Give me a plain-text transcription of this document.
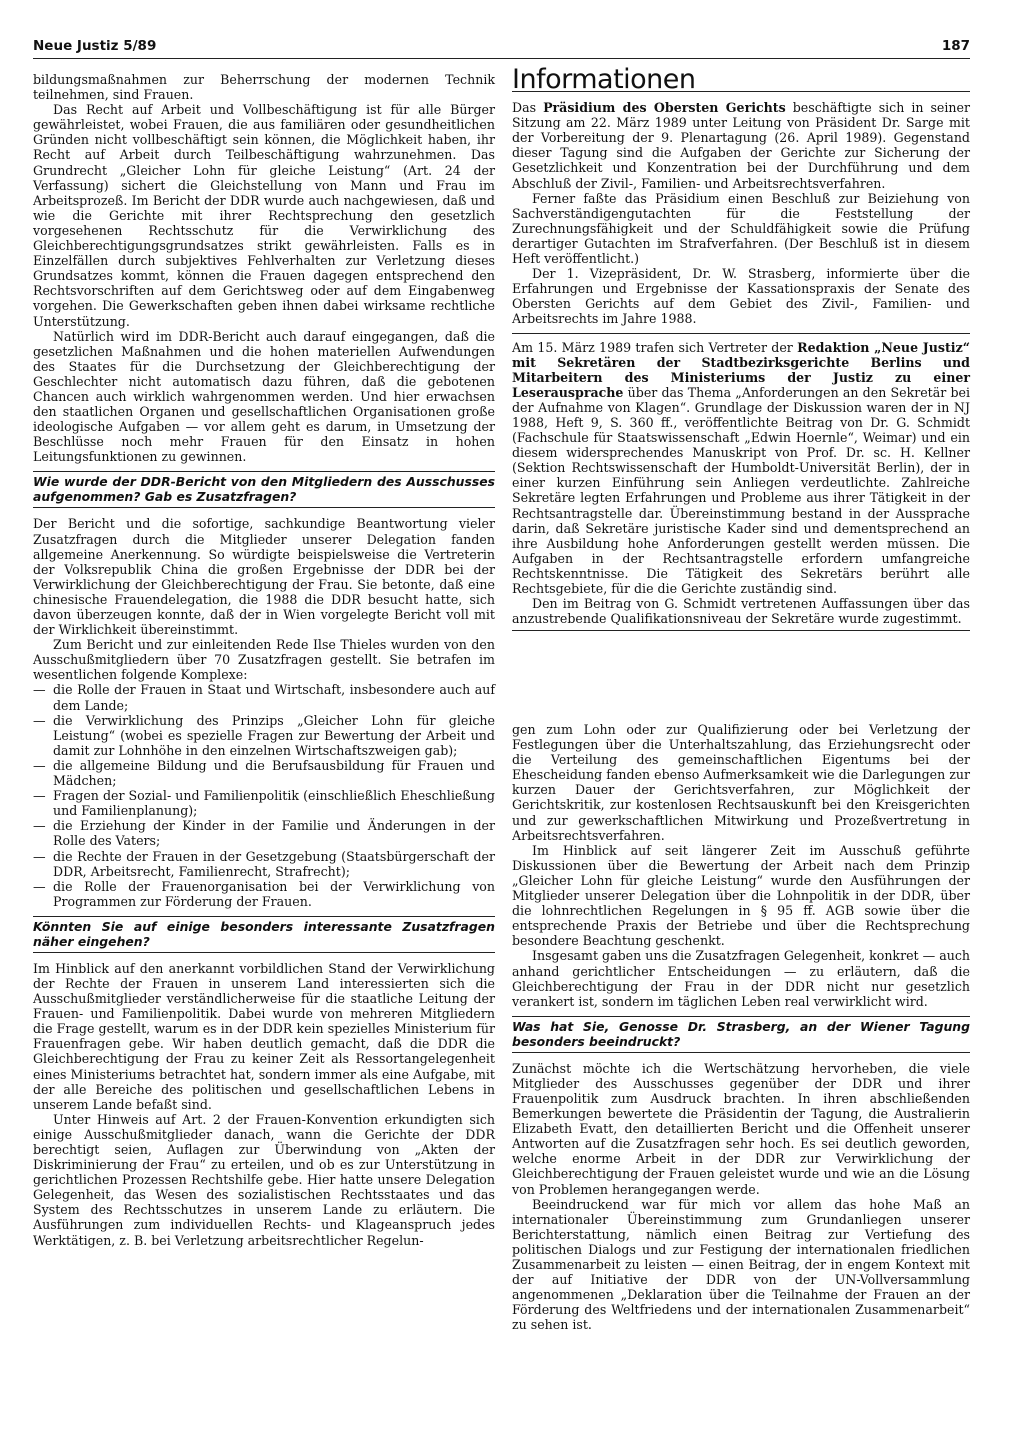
Neue Justiz 5/89	187

bildungsmaßnahmen zur Beherrschung der modernen Technik teilnehmen, sind Frauen.

Das Recht auf Arbeit und Vollbeschäftigung ist für alle Bürger gewährleistet, wobei Frauen, die aus familiären oder gesundheitlichen Gründen nicht vollbeschäftigt sein können, die Möglichkeit haben, ihr Recht auf Arbeit durch Teilbeschäftigung wahrzunehmen. Das Grundrecht „Gleicher Lohn für gleiche Leistung“ (Art. 24 der Verfassung) sichert die Gleichstellung von Mann und Frau im Arbeitsprozeß. Im Bericht der DDR wurde auch nachgewiesen, daß und wie die Gerichte mit ihrer Rechtsprechung den gesetzlich vorgesehenen Rechtsschutz für die Verwirklichung des Gleichberechtigungsgrundsatzes strikt gewährleisten. Falls es in Einzelfällen durch subjektives Fehlverhalten zur Verletzung dieses Grundsatzes kommt, können die Frauen dagegen entsprechend den Rechtsvorschriften auf dem Gerichtsweg oder auf dem Eingabenweg vorgehen. Die Gewerkschaften geben ihnen dabei wirksame rechtliche Unterstützung.

Natürlich wird im DDR-Bericht auch darauf eingegangen, daß die gesetzlichen Maßnahmen und die hohen materiellen Aufwendungen des Staates für die Durchsetzung der Gleichberechtigung der Geschlechter nicht automatisch dazu führen, daß die gebotenen Chancen auch wirklich wahrgenommen werden. Und hier erwachsen den staatlichen Organen und gesellschaftlichen Organisationen große ideologische Aufgaben — vor allem geht es darum, in Umsetzung der Beschlüsse noch mehr Frauen für den Einsatz in hohen Leitungsfunktionen zu gewinnen.

Wie wurde der DDR-Bericht von den Mitgliedern des Ausschusses aufgenommen? Gab es Zusatzfragen?

Der Bericht und die sofortige, sachkundige Beantwortung vieler Zusatzfragen durch die Mitglieder unserer Delegation fanden allgemeine Anerkennung. So würdigte beispielsweise die Vertreterin der Volksrepublik China die großen Ergebnisse der DDR bei der Verwirklichung der Gleichberechtigung der Frau. Sie betonte, daß eine chinesische Frauendelegation, die 1988 die DDR besucht hatte, sich davon überzeugen konnte, daß der in Wien vorgelegte Bericht voll mit der Wirklichkeit übereinstimmt.

Zum Bericht und zur einleitenden Rede Ilse Thieles wurden von den Ausschußmitgliedern über 70 Zusatzfragen gestellt. Sie betrafen im wesentlichen folgende Komplexe:

— die Rolle der Frauen in Staat und Wirtschaft, insbesondere auch auf dem Lande;
— die Verwirklichung des Prinzips „Gleicher Lohn für gleiche Leistung“ (wobei es spezielle Fragen zur Bewertung der Arbeit und damit zur Lohnhöhe in den einzelnen Wirtschaftszweigen gab);
— die allgemeine Bildung und die Berufsausbildung für Frauen und Mädchen;
— Fragen der Sozial- und Familienpolitik (einschließlich Eheschließung und Familienplanung);
— die Erziehung der Kinder in der Familie und Änderungen in der Rolle des Vaters;
— die Rechte der Frauen in der Gesetzgebung (Staatsbürgerschaft der DDR, Arbeitsrecht, Familienrecht, Strafrecht);
— die Rolle der Frauenorganisation bei der Verwirklichung von Programmen zur Förderung der Frauen.
Könnten Sie auf einige besonders interessante Zusatzfragen näher eingehen?

Im Hinblick auf den anerkannt vorbildlichen Stand der Verwirklichung der Rechte der Frauen in unserem Land interessierten sich die Ausschußmitglieder verständlicherweise für die staatliche Leitung der Frauen- und Familienpolitik. Dabei wurde von mehreren Mitgliedern die Frage gestellt, warum es in der DDR kein spezielles Ministerium für Frauenfragen gebe. Wir haben deutlich gemacht, daß die DDR die Gleichberechtigung der Frau zu keiner Zeit als Ressortangelegenheit eines Ministeriums betrachtet hat, sondern immer als eine Aufgabe, mit der alle Bereiche des politischen und gesellschaftlichen Lebens in unserem Lande befaßt sind.

Unter Hinweis auf Art. 2 der Frauen-Konvention erkundigten sich einige Ausschußmitglieder danach, wann die Gerichte der DDR berechtigt seien, Auflagen zur Überwindung von „Akten der Diskriminierung der Frau“ zu erteilen, und ob es zur Unterstützung in gerichtlichen Prozessen Rechtshilfe gebe. Hier hatte unsere Delegation Gelegenheit, das Wesen des sozialistischen Rechtsstaates und das System des Rechtsschutzes in unserem Lande zu erläutern. Die Ausführungen zum individuellen Rechts- und Klageanspruch jedes Werktätigen, z. B. bei Verletzung arbeitsrechtlicher Regelun-

Informationen

Das Präsidium des Obersten Gerichts beschäftigte sich in seiner Sitzung am 22. März 1989 unter Leitung von Präsident Dr. Sarge mit der Vorbereitung der 9. Plenartagung (26. April 1989). Gegenstand dieser Tagung sind die Aufgaben der Gerichte zur Sicherung der Gesetzlichkeit und Konzentration bei der Durchführung und dem Abschluß der Zivil-, Familien- und Arbeitsrechtsverfahren.

Ferner faßte das Präsidium einen Beschluß zur Beiziehung von Sachverständigengutachten für die Feststellung der Zurechnungsfähigkeit und der Schuldfähigkeit sowie die Prüfung derartiger Gutachten im Strafverfahren. (Der Beschluß ist in diesem Heft veröffentlicht.)

Der 1. Vizepräsident, Dr. W. Strasberg, informierte über die Erfahrungen und Ergebnisse der Kassationspraxis der Senate des Obersten Gerichts auf dem Gebiet des Zivil-, Familien- und Arbeitsrechts im Jahre 1988.

Am 15. März 1989 trafen sich Vertreter der Redaktion „Neue Justiz“ mit Sekretären der Stadtbezirksgerichte Berlins und Mitarbeitern des Ministeriums der Justiz zu einer Leserausprache über das Thema „Anforderungen an den Sekretär bei der Aufnahme von Klagen“. Grundlage der Diskussion waren der in NJ 1988, Heft 9, S. 360 ff., veröffentlichte Beitrag von Dr. G. Schmidt (Fachschule für Staatswissenschaft „Edwin Hoernle“, Weimar) und ein diesem widersprechendes Manuskript von Prof. Dr. sc. H. Kellner (Sektion Rechtswissenschaft der Humboldt-Universität Berlin), der in einer kurzen Einführung sein Anliegen verdeutlichte. Zahlreiche Sekretäre legten Erfahrungen und Probleme aus ihrer Tätigkeit in der Rechtsantragstelle dar. Übereinstimmung bestand in der Aussprache darin, daß Sekretäre juristische Kader sind und dementsprechend an ihre Ausbildung hohe Anforderungen gestellt werden müssen. Die Aufgaben in der Rechtsantragstelle erfordern umfangreiche Rechtskenntnisse. Die Tätigkeit des Sekretärs berührt alle Rechtsgebiete, für die die Gerichte zuständig sind.

Den im Beitrag von G. Schmidt vertretenen Auffassungen über das anzustrebende Qualifikationsniveau der Sekretäre wurde zugestimmt.

gen zum Lohn oder zur Qualifizierung oder bei Verletzung der Festlegungen über die Unterhaltszahlung, das Erziehungsrecht oder die Verteilung des gemeinschaftlichen Eigentums bei der Ehescheidung fanden ebenso Aufmerksamkeit wie die Darlegungen zur kurzen Dauer der Gerichtsverfahren, zur Möglichkeit der Gerichtskritik, zur kostenlosen Rechtsauskunft bei den Kreisgerichten und zur gewerkschaftlichen Mitwirkung und Prozeßvertretung in Arbeitsrechtsverfahren.

Im Hinblick auf seit längerer Zeit im Ausschuß geführte Diskussionen über die Bewertung der Arbeit nach dem Prinzip „Gleicher Lohn für gleiche Leistung“ wurde den Ausführungen der Mitglieder unserer Delegation über die Lohnpolitik in der DDR, über die lohnrechtlichen Regelungen in § 95 ff. AGB sowie über die entsprechende Praxis der Betriebe und über die Rechtsprechung besondere Beachtung geschenkt.

Insgesamt gaben uns die Zusatzfragen Gelegenheit, konkret — auch anhand gerichtlicher Entscheidungen — zu erläutern, daß die Gleichberechtigung der Frau in der DDR nicht nur gesetzlich verankert ist, sondern im täglichen Leben real verwirklicht wird.

Was hat Sie, Genosse Dr. Strasberg, an der Wiener Tagung besonders beeindruckt?

Zunächst möchte ich die Wertschätzung hervorheben, die viele Mitglieder des Ausschusses gegenüber der DDR und ihrer Frauenpolitik zum Ausdruck brachten. In ihren abschließenden Bemerkungen bewertete die Präsidentin der Tagung, die Australierin Elizabeth Evatt, den detaillierten Bericht und die Offenheit unserer Antworten auf die Zusatzfragen sehr hoch. Es sei deutlich geworden, welche enorme Arbeit in der DDR zur Verwirklichung der Gleichberechtigung der Frauen geleistet wurde und wie an die Lösung von Problemen herangegangen werde.

Beeindruckend war für mich vor allem das hohe Maß an internationaler Übereinstimmung zum Grundanliegen unserer Berichterstattung, nämlich einen Beitrag zur Vertiefung des politischen Dialogs und zur Festigung der internationalen friedlichen Zusammenarbeit zu leisten — einen Beitrag, der in engem Kontext mit der auf Initiative der DDR von der UN-Vollversammlung angenommenen „Deklaration über die Teilnahme der Frauen an der Förderung des Weltfriedens und der internationalen Zusammenarbeit“ zu sehen ist.
